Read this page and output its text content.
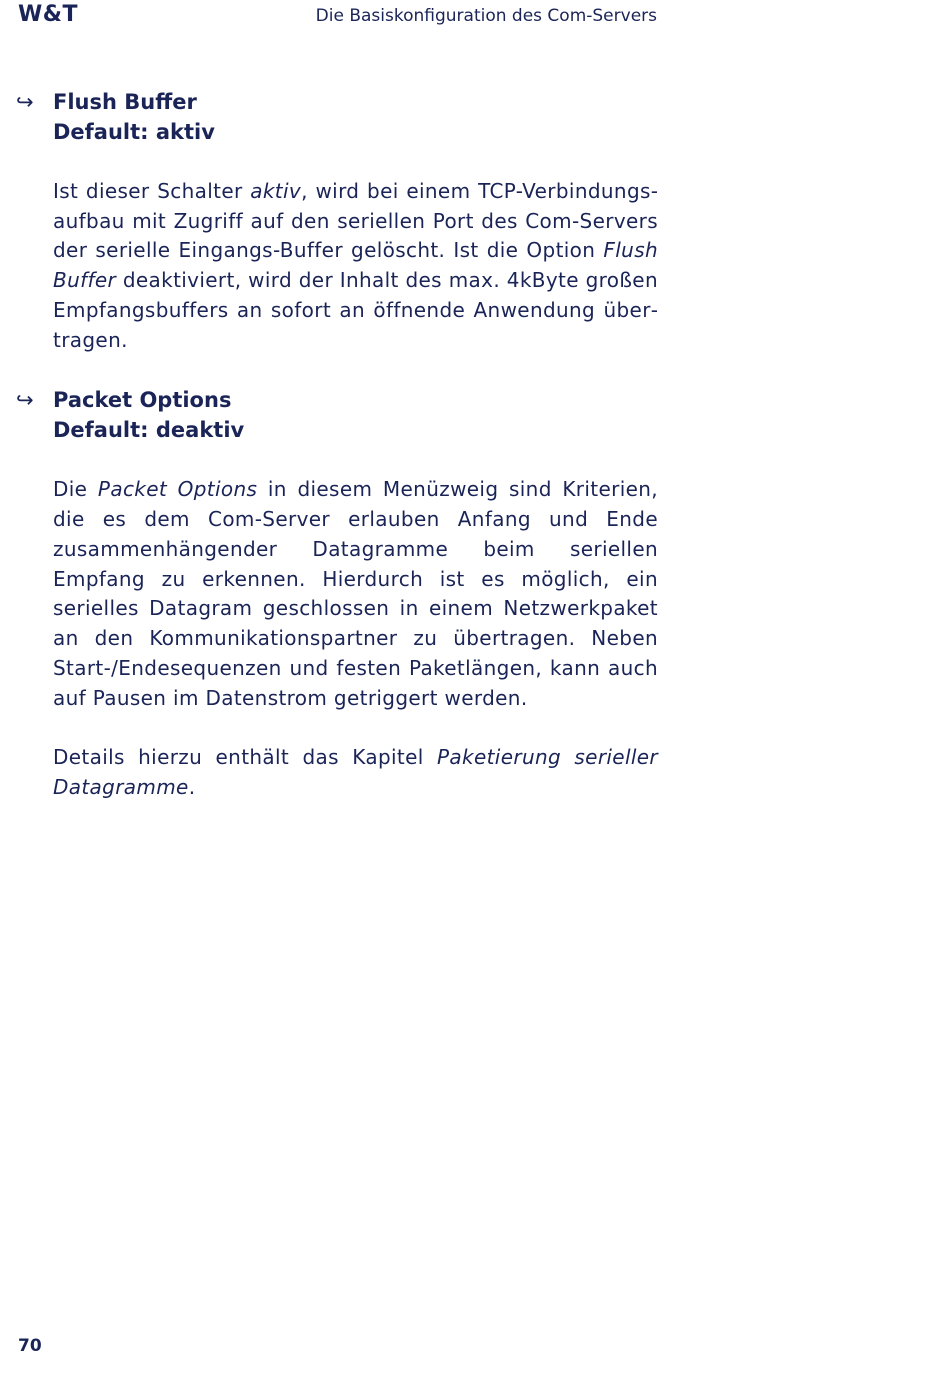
W&T	Die Basiskonfiguration des Com-Servers
↪ Flush Buffer

Default: aktiv

Ist dieser Schalter aktiv, wird bei einem TCP-Verbindungsaufbau mit Zugriff auf den seriellen Port des Com-Servers der serielle Eingangs-Buffer gelöscht. Ist die Option Flush Buffer deaktiviert, wird der Inhalt des max. 4kByte großen Empfangsbuffers an sofort an öffnende Anwendung übertragen.

↪ Packet Options

Default: deaktiv

Die Packet Options in diesem Menüzweig sind Kriterien, die es dem Com-Server erlauben Anfang und Ende zusammenhängender Datagramme beim seriellen Empfang zu erkennen. Hierdurch ist es möglich, ein serielles Datagram geschlossen in einem Netzwerkpaket an den Kommunikationspartner zu übertragen. Neben Start-/Endesequenzen und festen Paketlängen, kann auch auf Pausen im Datenstrom getriggert werden.

Details hierzu enthält das Kapitel Paketierung serieller Datagramme.

70
